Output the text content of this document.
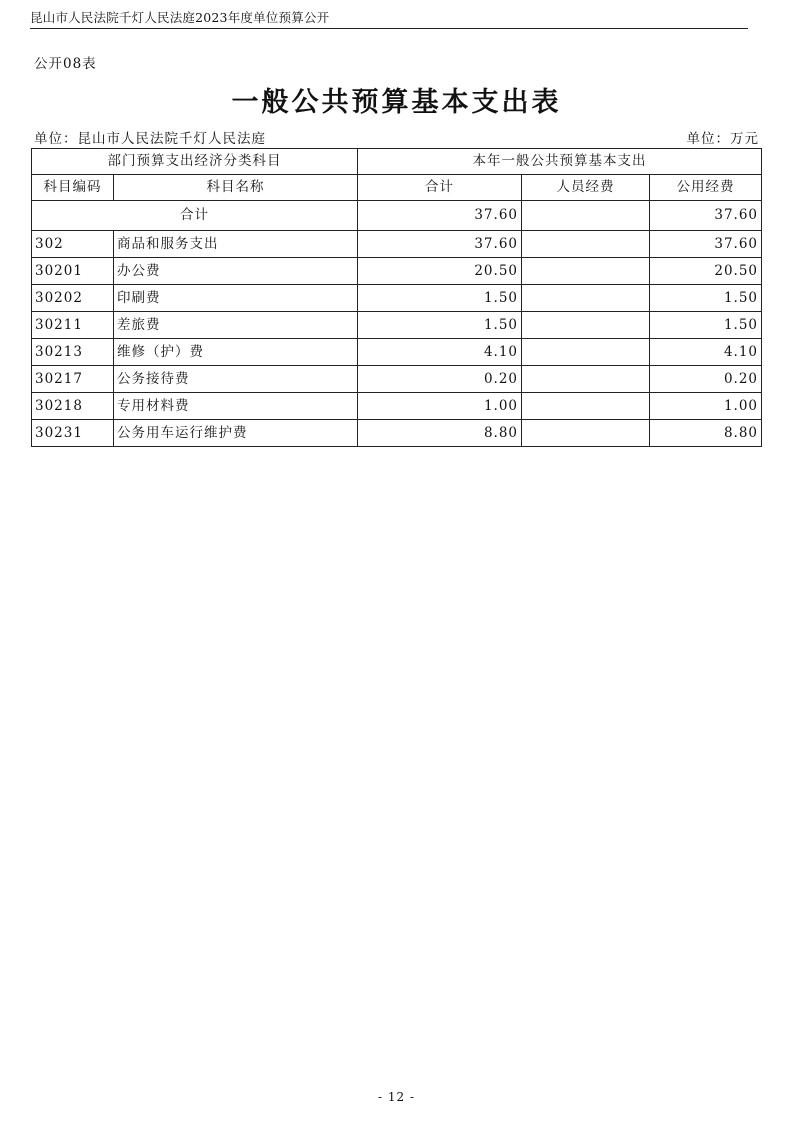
昆山市人民法院千灯人民法庭2023年度单位预算公开
公开08表
一般公共预算基本支出表
单位：昆山市人民法院千灯人民法庭	单位：万元
部门预算支出经济分类科目		本年一般公共预算基本支出		
科目编码	科目名称	合计	人员经费	公用经费
合计		37.60		37.60
302	商品和服务支出	37.60		37.60
30201	办公费	20.50		20.50
30202	印刷费	1.50		1.50
30211	差旅费	1.50		1.50
30213	维修（护）费	4.10		4.10
30217	公务接待费	0.20		0.20
30218	专用材料费	1.00		1.00
30231	公务用车运行维护费	8.80		8.80
- 12 -
